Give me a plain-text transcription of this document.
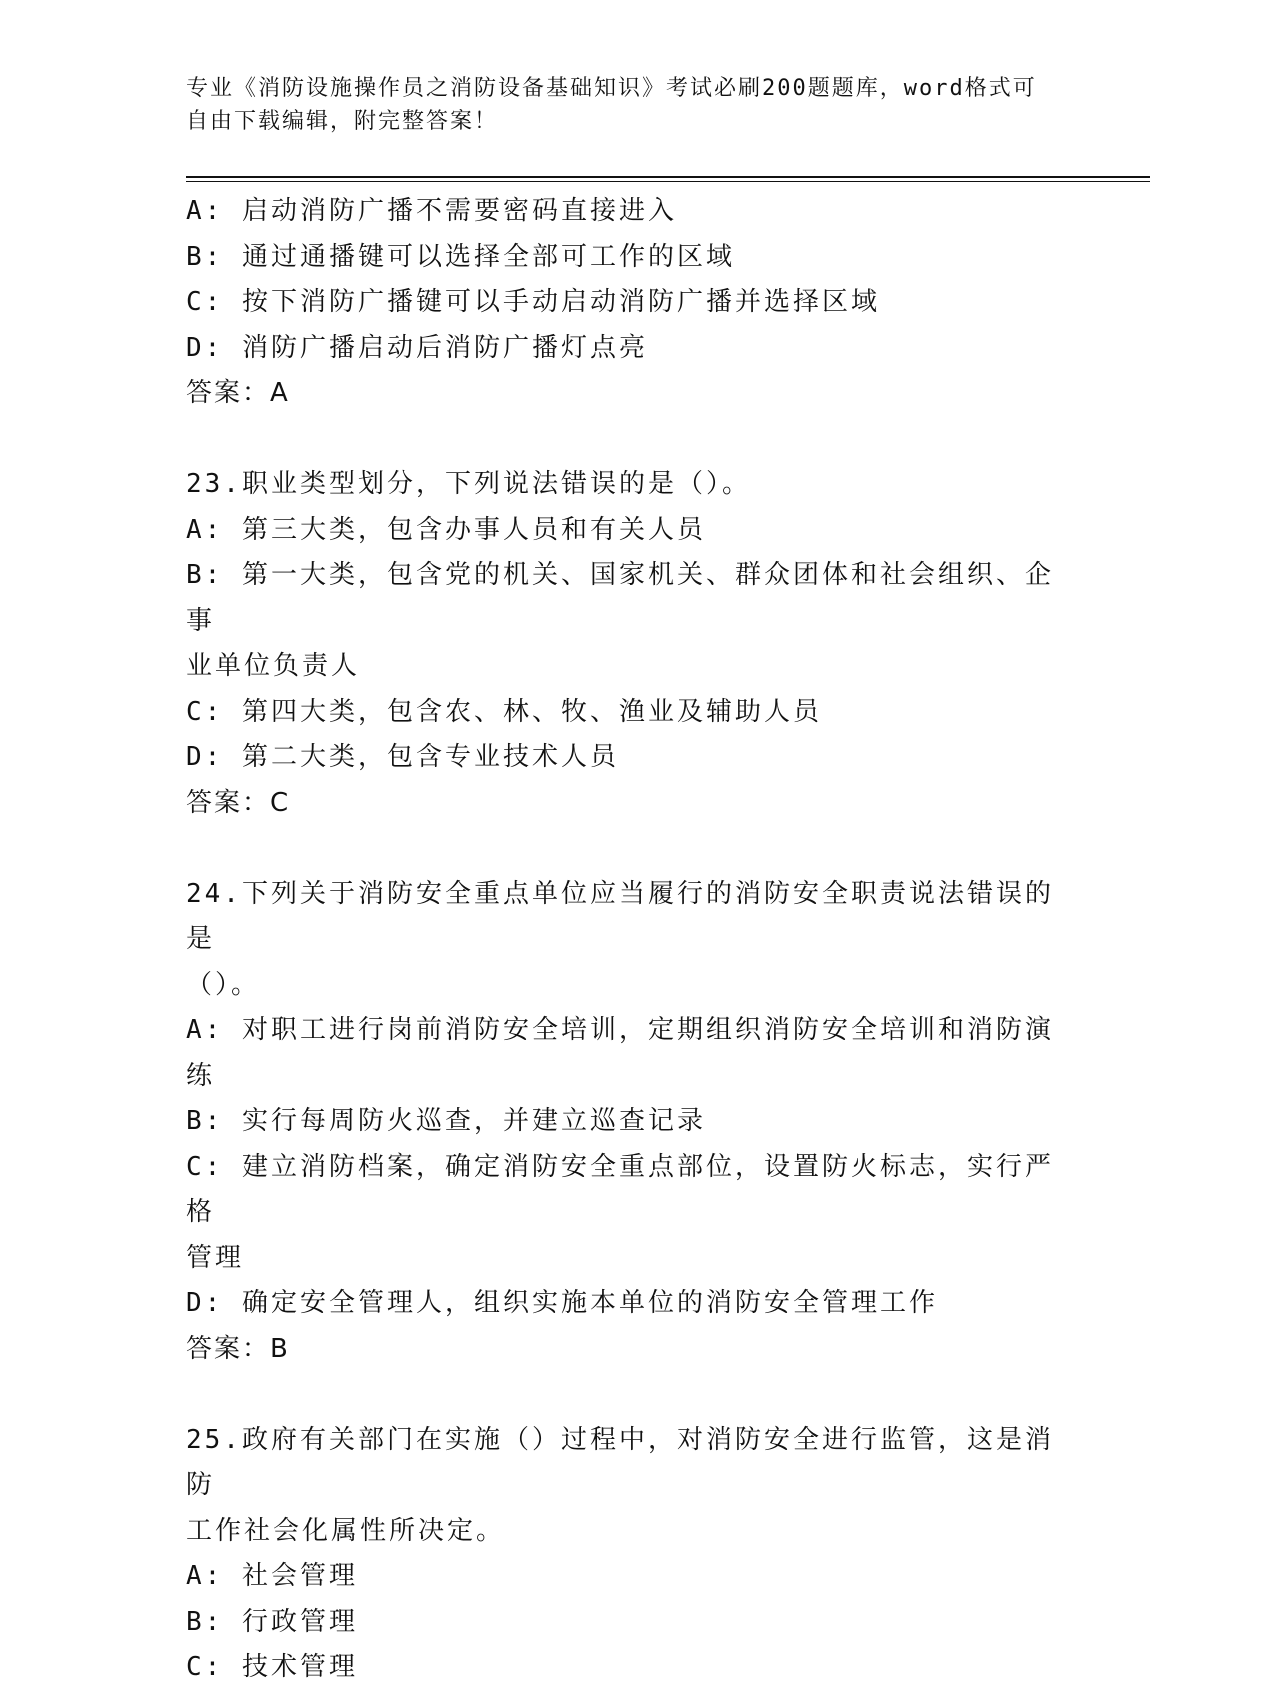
专业《消防设施操作员之消防设备基础知识》考试必刷200题题库，word格式可
自由下载编辑，附完整答案！
A: 启动消防广播不需要密码直接进入
B: 通过通播键可以选择全部可工作的区域
C: 按下消防广播键可以手动启动消防广播并选择区域
D: 消防广播启动后消防广播灯点亮
答案：A
23.职业类型划分，下列说法错误的是（）。
A: 第三大类，包含办事人员和有关人员
B: 第一大类，包含党的机关、国家机关、群众团体和社会组织、企事
业单位负责人
C: 第四大类，包含农、林、牧、渔业及辅助人员
D: 第二大类，包含专业技术人员
答案：C
24.下列关于消防安全重点单位应当履行的消防安全职责说法错误的是
（）。
A: 对职工进行岗前消防安全培训，定期组织消防安全培训和消防演练
B: 实行每周防火巡查，并建立巡查记录
C: 建立消防档案，确定消防安全重点部位，设置防火标志，实行严格
管理
D: 确定安全管理人，组织实施本单位的消防安全管理工作
答案：B
25.政府有关部门在实施（）过程中，对消防安全进行监管，这是消防
工作社会化属性所决定。
A: 社会管理
B: 行政管理
C: 技术管理
